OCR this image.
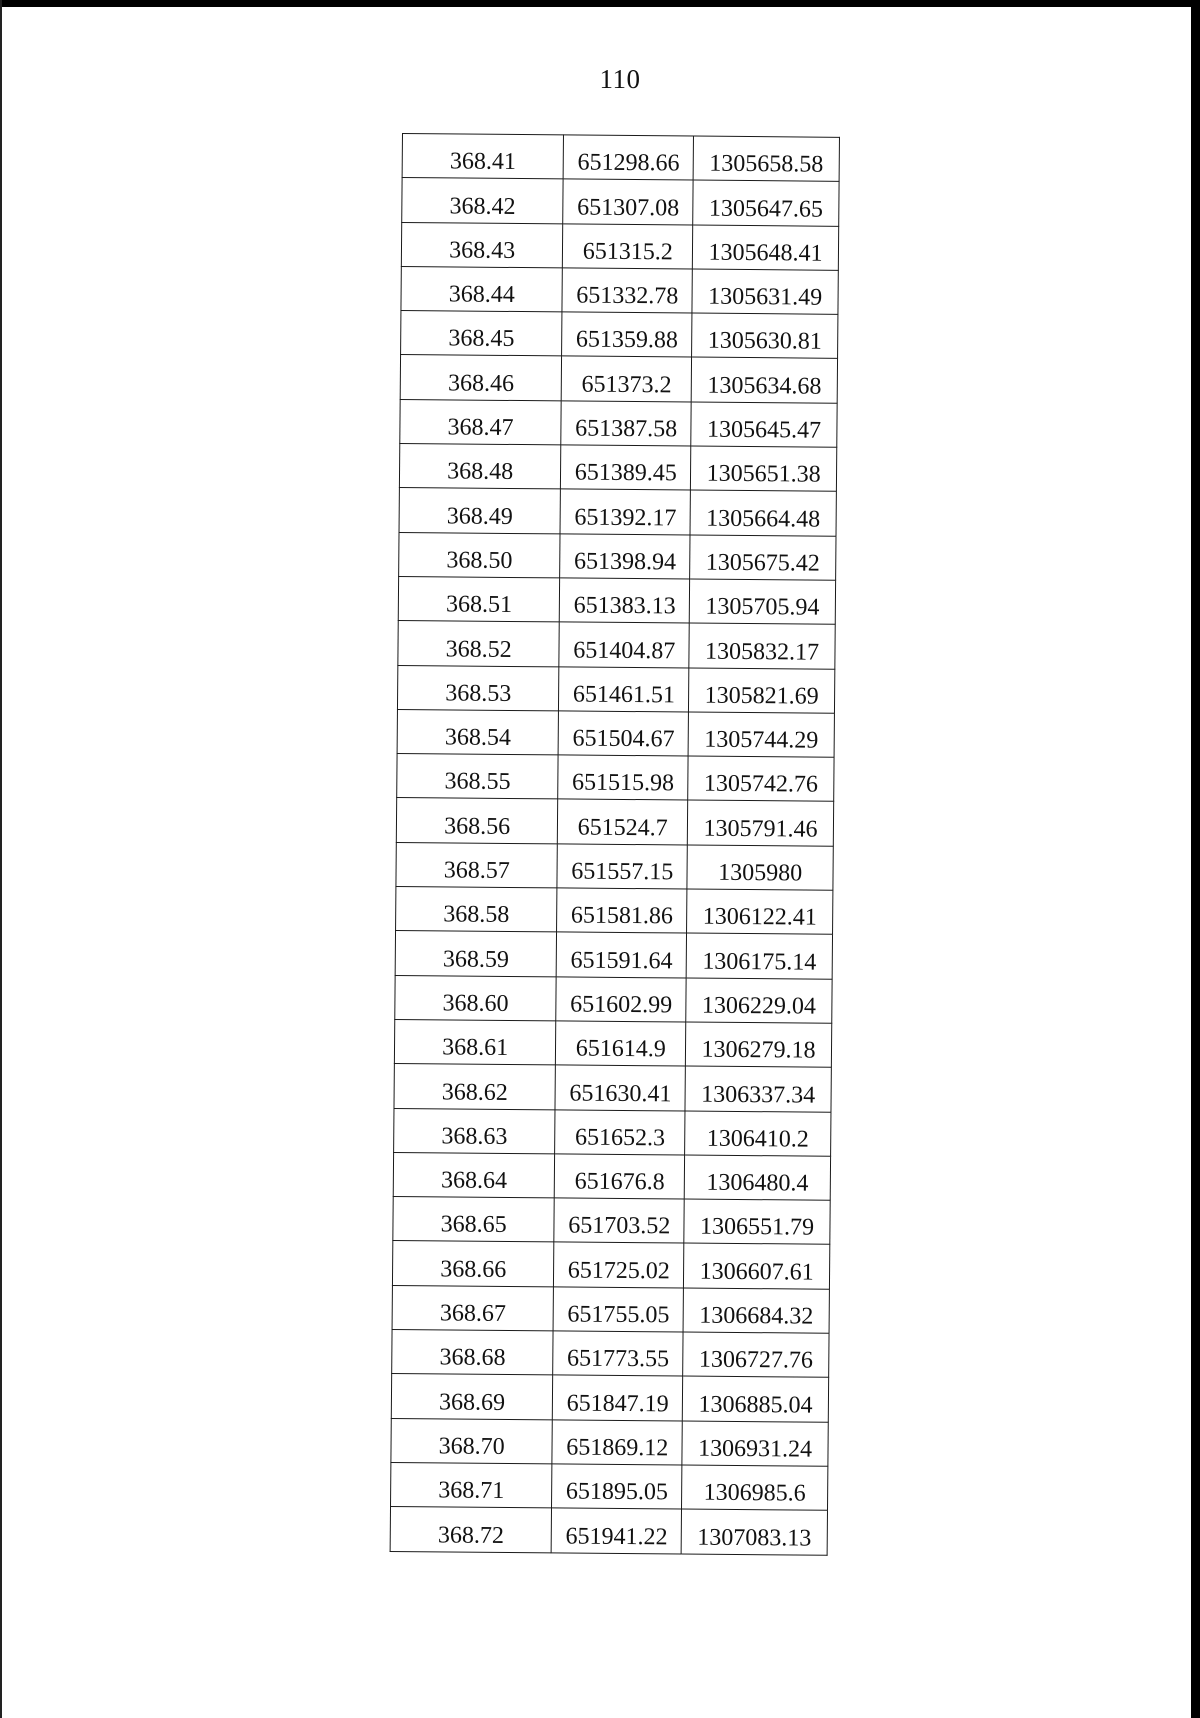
110
368.41	651298.66	1305658.58
368.42	651307.08	1305647.65
368.43	651315.2	1305648.41
368.44	651332.78	1305631.49
368.45	651359.88	1305630.81
368.46	651373.2	1305634.68
368.47	651387.58	1305645.47
368.48	651389.45	1305651.38
368.49	651392.17	1305664.48
368.50	651398.94	1305675.42
368.51	651383.13	1305705.94
368.52	651404.87	1305832.17
368.53	651461.51	1305821.69
368.54	651504.67	1305744.29
368.55	651515.98	1305742.76
368.56	651524.7	1305791.46
368.57	651557.15	1305980
368.58	651581.86	1306122.41
368.59	651591.64	1306175.14
368.60	651602.99	1306229.04
368.61	651614.9	1306279.18
368.62	651630.41	1306337.34
368.63	651652.3	1306410.2
368.64	651676.8	1306480.4
368.65	651703.52	1306551.79
368.66	651725.02	1306607.61
368.67	651755.05	1306684.32
368.68	651773.55	1306727.76
368.69	651847.19	1306885.04
368.70	651869.12	1306931.24
368.71	651895.05	1306985.6
368.72	651941.22	1307083.13
